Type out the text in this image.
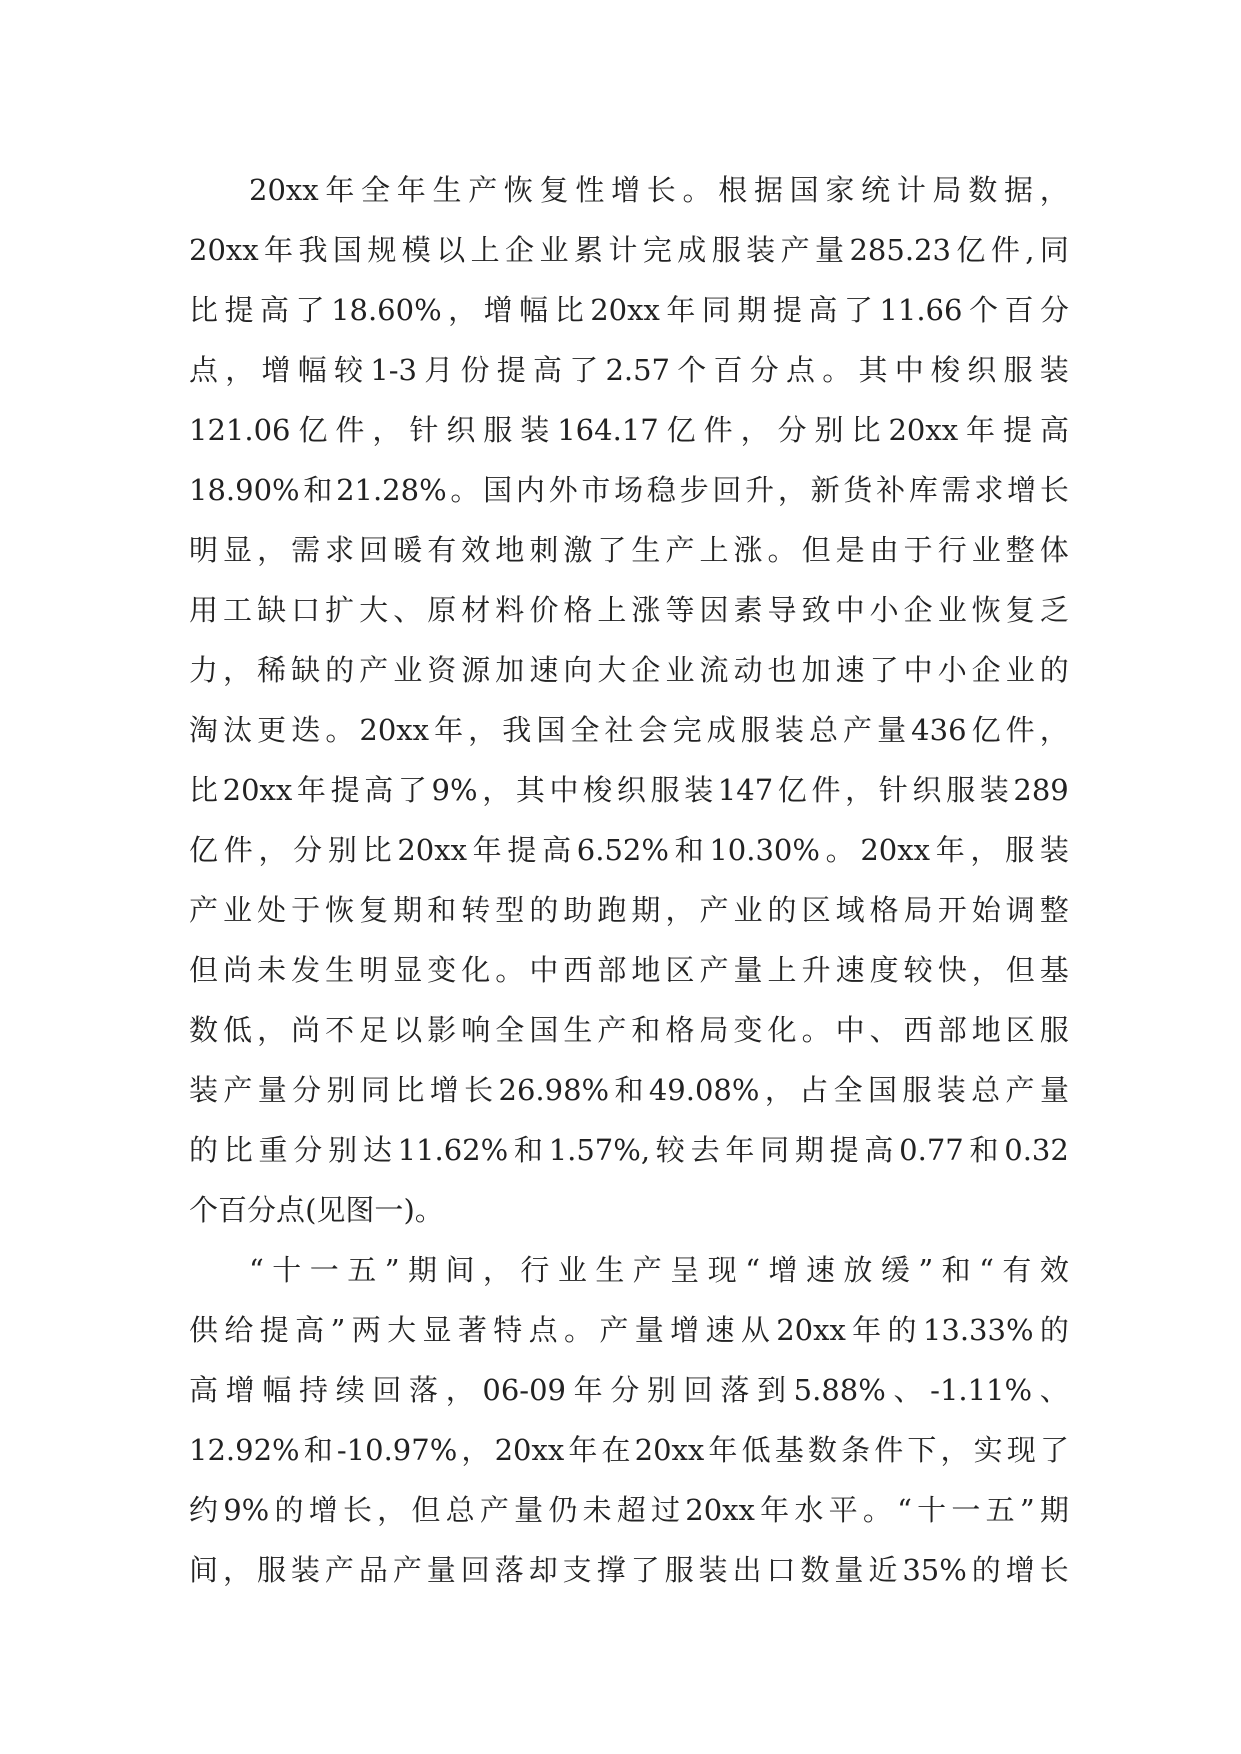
20xx 年 全 年 生 产 恢 复 性 增 长 。 根 据 国 家 统 计 局 数 据 ，
20xx 年 我 国 规 模 以 上 企 业 累 计 完 成 服 装 产 量 285.23 亿 件 , 同
比 提 高 了 18.60% ， 增 幅 比 20xx 年 同 期 提 高 了 11.66 个 百 分
点 ， 增 幅 较 1-3 月 份 提 高 了 2.57 个 百 分 点 。 其 中 梭 织 服 装
121.06 亿 件 ， 针 织 服 装 164.17 亿 件 ， 分 别 比 20xx 年 提 高
18.90% 和 21.28% 。 国 内 外 市 场 稳 步 回 升 ， 新 货 补 库 需 求 增 长
明 显 ， 需 求 回 暖 有 效 地 刺 激 了 生 产 上 涨 。 但 是 由 于 行 业 整 体
用 工 缺 口 扩 大 、 原 材 料 价 格 上 涨 等 因 素 导 致 中 小 企 业 恢 复 乏
力 ， 稀 缺 的 产 业 资 源 加 速 向 大 企 业 流 动 也 加 速 了 中 小 企 业 的
淘 汰 更 迭 。 20xx 年 ， 我 国 全 社 会 完 成 服 装 总 产 量 436 亿 件 ，
比 20xx 年 提 高 了 9% ， 其 中 梭 织 服 装 147 亿 件 ， 针 织 服 装 289
亿 件 ， 分 别 比 20xx 年 提 高 6.52% 和 10.30% 。 20xx 年 ， 服 装
产 业 处 于 恢 复 期 和 转 型 的 助 跑 期 ， 产 业 的 区 域 格 局 开 始 调 整
但 尚 未 发 生 明 显 变 化 。 中 西 部 地 区 产 量 上 升 速 度 较 快 ， 但 基
数 低 ， 尚 不 足 以 影 响 全 国 生 产 和 格 局 变 化 。 中 、 西 部 地 区 服
装 产 量 分 别 同 比 增 长 26.98% 和 49.08% ， 占 全 国 服 装 总 产 量
的 比 重 分 别 达 11.62% 和 1.57%, 较 去 年 同 期 提 高 0.77 和 0.32
个 百 分 点 ( 见 图 一 ) 。
“ 十 一 五 ” 期 间 ， 行 业 生 产 呈 现 “ 增 速 放 缓 ” 和 “ 有 效
供 给 提 高 ” 两 大 显 著 特 点 。 产 量 增 速 从 20xx 年 的 13.33% 的
高 增 幅 持 续 回 落 ， 06-09 年 分 别 回 落 到 5.88% 、 -1.11% 、
12.92% 和 -10.97% ， 20xx 年 在 20xx 年 低 基 数 条 件 下 ， 实 现 了
约 9% 的 增 长 ， 但 总 产 量 仍 未 超 过 20xx 年 水 平 。 “ 十 一 五 ” 期
间 ， 服 装 产 品 产 量 回 落 却 支 撑 了 服 装 出 口 数 量 近 35% 的 增 长
